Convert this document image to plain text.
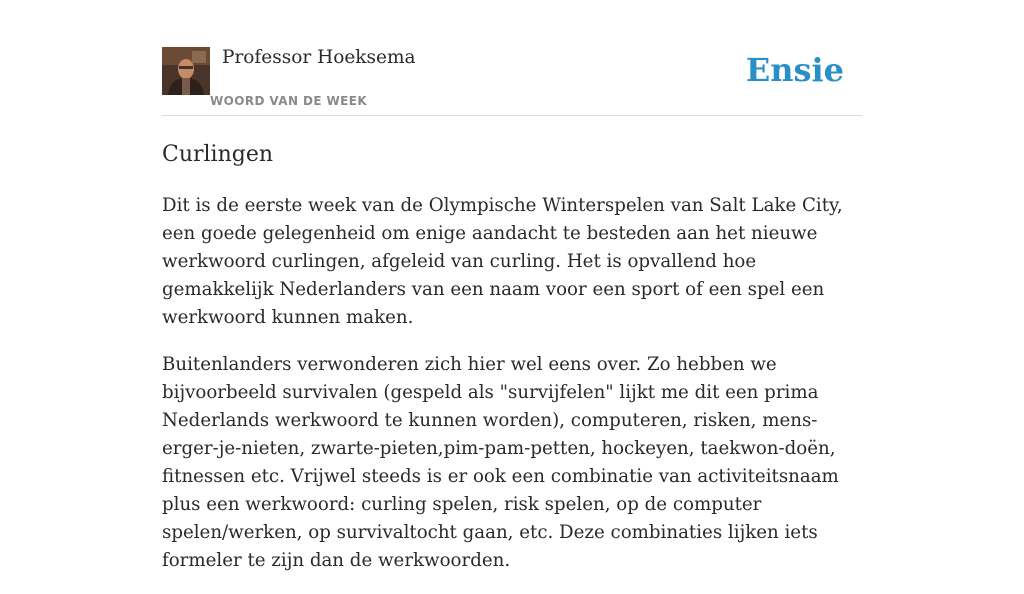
Professor Hoeksema
WOORD VAN DE WEEK
Ensie
Curlingen

Dit is de eerste week van de Olympische Winterspelen van Salt Lake City, een goede gelegenheid om enige aandacht te besteden aan het nieuwe werkwoord curlingen, afgeleid van curling. Het is opvallend hoe gemakkelijk Nederlanders van een naam voor een sport of een spel een werkwoord kunnen maken.

Buitenlanders verwonderen zich hier wel eens over. Zo hebben we bijvoorbeeld survivalen (gespeld als "survijfelen" lijkt me dit een prima Nederlands werkwoord te kunnen worden), computeren, risken, mens-erger-je-nieten, zwarte-pieten,pim-pam-petten, hockeyen, taekwon-doën, fitnessen etc. Vrijwel steeds is er ook een combinatie van activiteitsnaam plus een werkwoord: curling spelen, risk spelen, op de computer spelen/werken, op survivaltocht gaan, etc. Deze combinaties lijken iets formeler te zijn dan de werkwoorden.
